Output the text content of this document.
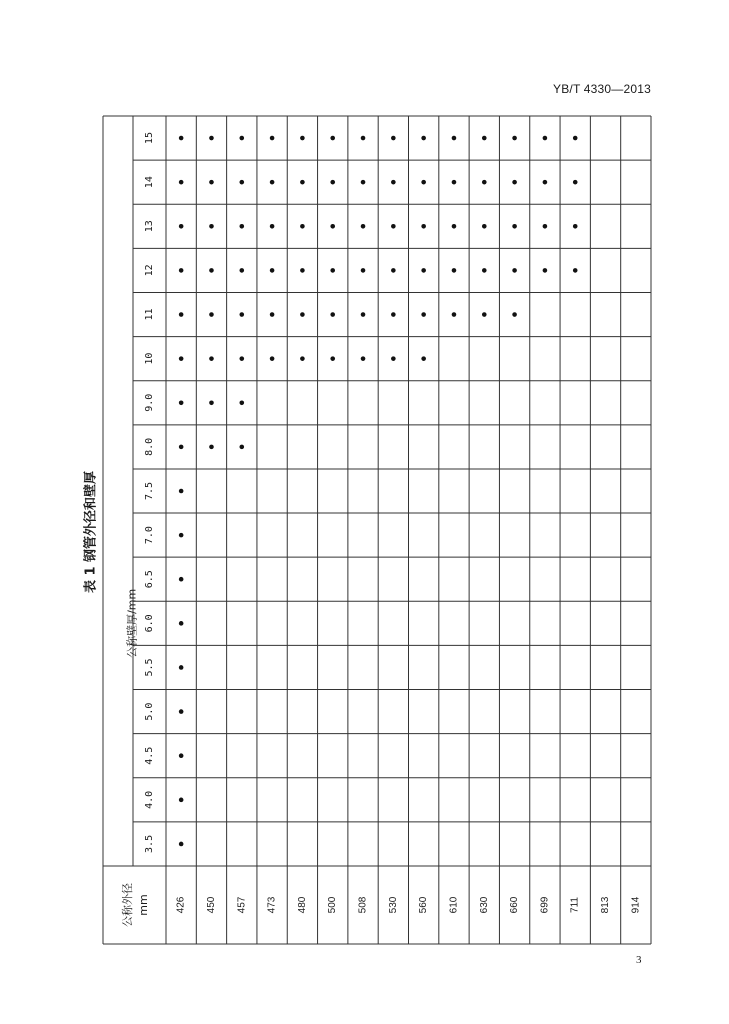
YB/T 4330—2013
表 1 钢管外径和壁厚
公称外径 mm
公称壁厚/mm
3.5
4.0
4.5
5.0
5.5
6.0
6.5
7.0
7.5
8.0
9.0
10
11
12
13
14
15
426 450 457 473 480 500 508 530 560 610 630 660 699 711 813 914
3
